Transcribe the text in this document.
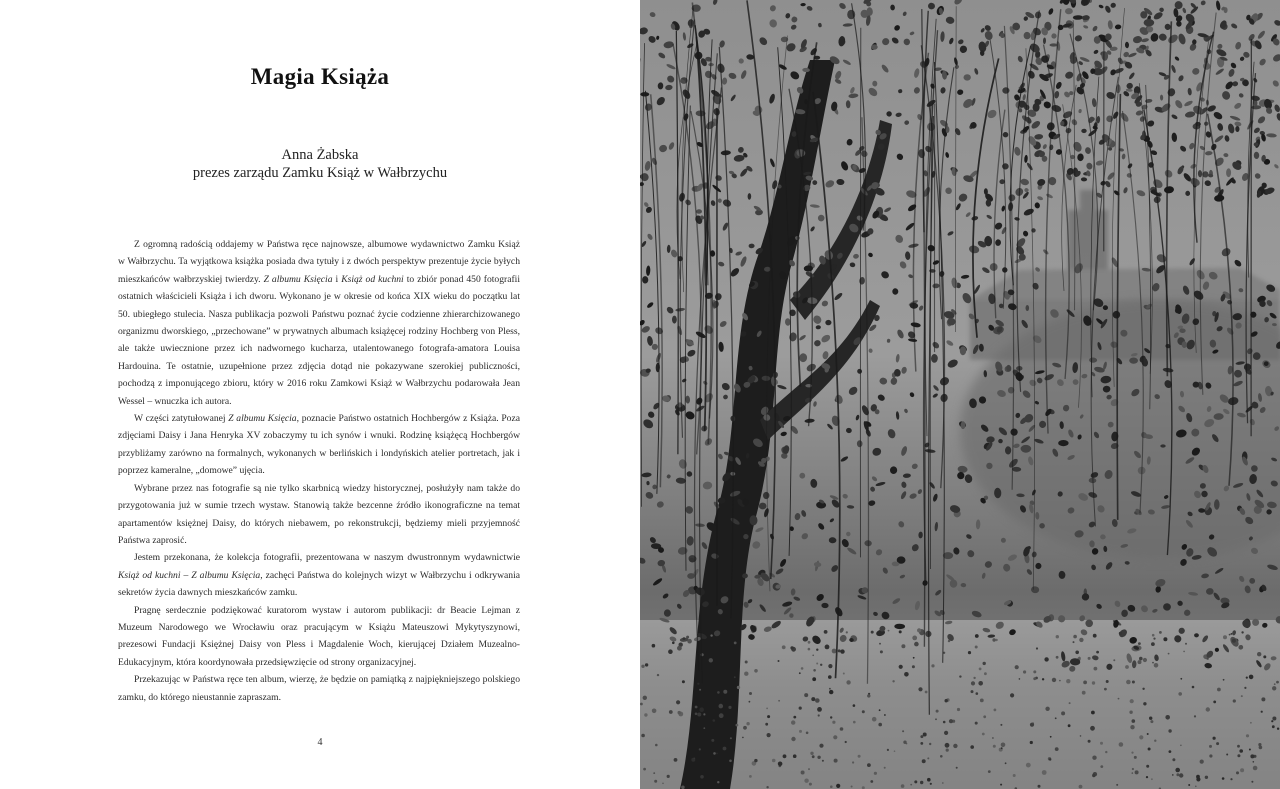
Magia Książa
Anna Żabska
prezes zarządu Zamku Książ w Wałbrzychu

Z ogromną radością oddajemy w Państwa ręce najnowsze, albumowe wydawnictwo Zamku Książ w Wałbrzychu. Ta wyjątkowa książka posiada dwa tytuły i z dwóch perspektyw prezentuje życie byłych mieszkańców wałbrzyskiej twierdzy. Z albumu Księcia i Książ od kuchni to zbiór ponad 450 fotografii ostatnich właścicieli Książa i ich dworu. Wykonano je w okresie od końca XIX wieku do początku lat 50. ubiegłego stulecia. Nasza publikacja pozwoli Państwu poznać życie codzienne zhierarchizowanego organizmu dworskiego, „przechowane” w prywatnych albumach książęcej rodziny Hochberg von Pless, ale także uwiecznione przez ich nadwornego kucharza, utalentowanego fotografa-amatora Louisa Hardouina. Te ostatnie, uzupełnione przez zdjęcia dotąd nie pokazywane szerokiej publiczności, pochodzą z imponującego zbioru, który w 2016 roku Zamkowi Książ w Wałbrzychu podarowała Jean Wessel – wnuczka ich autora.

W części zatytułowanej Z albumu Księcia, poznacie Państwo ostatnich Hochbergów z Książa. Poza zdjęciami Daisy i Jana Henryka XV zobaczymy tu ich synów i wnuki. Rodzinę książęcą Hochbergów przybliżamy zarówno na formalnych, wykonanych w berlińskich i londyńskich atelier portretach, jak i poprzez kameralne, „domowe” ujęcia.

Wybrane przez nas fotografie są nie tylko skarbnicą wiedzy historycznej, posłużyły nam także do przygotowania już w sumie trzech wystaw. Stanowią także bezcenne źródło ikonograficzne na temat apartamentów księżnej Daisy, do których niebawem, po rekonstrukcji, będziemy mieli przyjemność Państwa zaprosić.

Jestem przekonana, że kolekcja fotografii, prezentowana w naszym dwustronnym wydawnictwie Książ od kuchni – Z albumu Księcia, zachęci Państwa do kolejnych wizyt w Wałbrzychu i odkrywania sekretów życia dawnych mieszkańców zamku.

Pragnę serdecznie podziękować kuratorom wystaw i autorom publikacji: dr Beacie Lejman z Muzeum Narodowego we Wrocławiu oraz pracującym w Książu Mateuszowi Mykytyszynowi, prezesowi Fundacji Księżnej Daisy von Pless i Magdalenie Woch, kierującej Działem Muzealno-Edukacyjnym, która koordynowała przedsięwzięcie od strony organizacyjnej.

Przekazując w Państwa ręce ten album, wierzę, że będzie on pamiątką z najpiękniejszego polskiego zamku, do którego nieustannie zapraszam.

4
